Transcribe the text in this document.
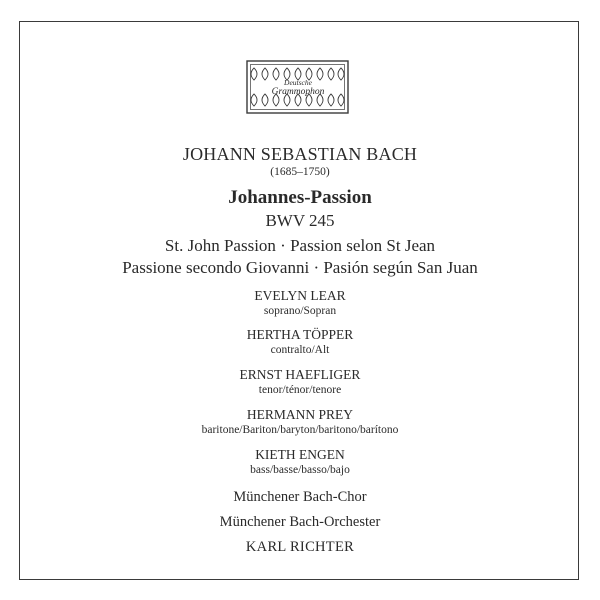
Deutsche
Grammophon
JOHANN SEBASTIAN BACH
(1685–1750)
Johannes-Passion
BWV 245
St. John Passion · Passion selon St Jean
Passione secondo Giovanni · Pasión según San Juan
EVELYN LEAR
soprano/Sopran
HERTHA TÖPPER
contralto/Alt
ERNST HAEFLIGER
tenor/ténor/tenore
HERMANN PREY
baritone/Bariton/baryton/baritono/barítono
KIETH ENGEN
bass/basse/basso/bajo
Münchener Bach-Chor
Münchener Bach-Orchester
KARL RICHTER
